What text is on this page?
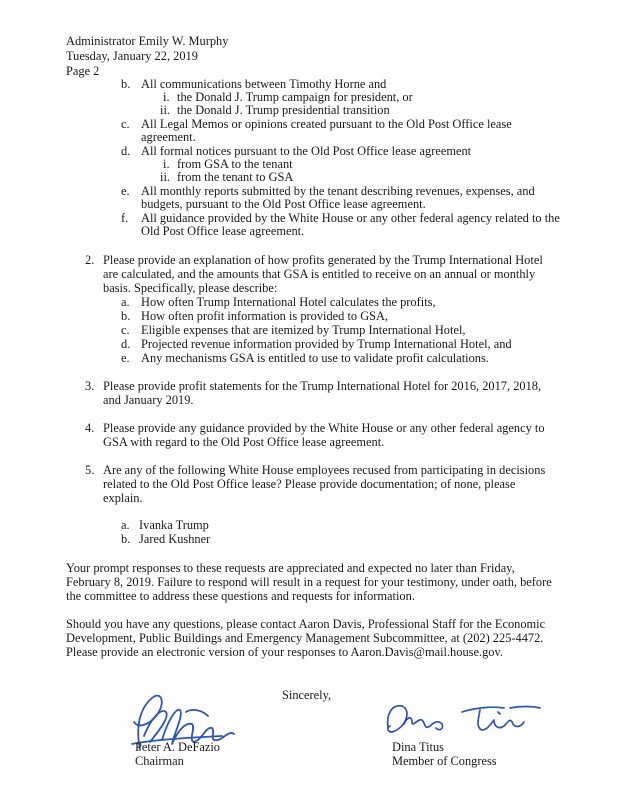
Administrator Emily W. Murphy
Tuesday, January 22, 2019
Page 2
b. All communications between Timothy Horne and
i. the Donald J. Trump campaign for president, or
ii. the Donald J. Trump presidential transition
c. All Legal Memos or opinions created pursuant to the Old Post Office lease
agreement.
d. All formal notices pursuant to the Old Post Office lease agreement
i. from GSA to the tenant
ii. from the tenant to GSA
e. All monthly reports submitted by the tenant describing revenues, expenses, and
budgets, pursuant to the Old Post Office lease agreement.
f. All guidance provided by the White House or any other federal agency related to the
Old Post Office lease agreement.
2. Please provide an explanation of how profits generated by the Trump International Hotel
are calculated, and the amounts that GSA is entitled to receive on an annual or monthly
basis. Specifically, please describe:
a. How often Trump International Hotel calculates the profits,
b. How often profit information is provided to GSA,
c. Eligible expenses that are itemized by Trump International Hotel,
d. Projected revenue information provided by Trump International Hotel, and
e. Any mechanisms GSA is entitled to use to validate profit calculations.
3. Please provide profit statements for the Trump International Hotel for 2016, 2017, 2018,
and January 2019.
4. Please provide any guidance provided by the White House or any other federal agency to
GSA with regard to the Old Post Office lease agreement.
5. Are any of the following White House employees recused from participating in decisions
related to the Old Post Office lease? Please provide documentation; of none, please
explain.
a. Ivanka Trump
b. Jared Kushner
Your prompt responses to these requests are appreciated and expected no later than Friday,
February 8, 2019. Failure to respond will result in a request for your testimony, under oath, before
the committee to address these questions and requests for information.
Should you have any questions, please contact Aaron Davis, Professional Staff for the Economic
Development, Public Buildings and Emergency Management Subcommittee, at (202) 225-4472.
Please provide an electronic version of your responses to Aaron.Davis@mail.house.gov.
Sincerely,
Peter A. DeFazio
Chairman
Dina Titus
Member of Congress
